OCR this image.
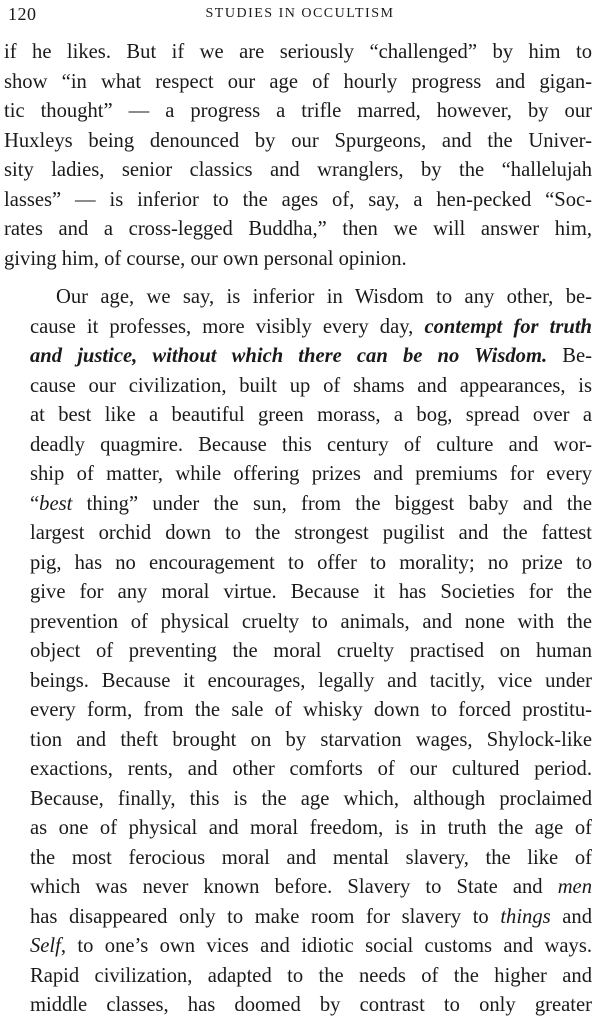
120	STUDIES IN OCCULTISM

if he likes. But if we are seriously “challenged” by him to
show “in what respect our age of hourly progress and gigan-
tic thought” — a progress a trifle marred, however, by our
Huxleys being denounced by our Spurgeons, and the Univer-
sity ladies, senior classics and wranglers, by the “hallelujah
lasses” — is inferior to the ages of, say, a hen-pecked “Soc-
rates and a cross-legged Buddha,” then we will answer him,
giving him, of course, our own personal opinion.

Our age, we say, is inferior in Wisdom to any other, be-
cause it professes, more visibly every day, contempt for truth
and justice, without which there can be no Wisdom. Be-
cause our civilization, built up of shams and appearances, is
at best like a beautiful green morass, a bog, spread over a
deadly quagmire. Because this century of culture and wor-
ship of matter, while offering prizes and premiums for every
“best thing” under the sun, from the biggest baby and the
largest orchid down to the strongest pugilist and the fattest
pig, has no encouragement to offer to morality; no prize to
give for any moral virtue. Because it has Societies for the
prevention of physical cruelty to animals, and none with the
object of preventing the moral cruelty practised on human
beings. Because it encourages, legally and tacitly, vice under
every form, from the sale of whisky down to forced prostitu-
tion and theft brought on by starvation wages, Shylock-like
exactions, rents, and other comforts of our cultured period.
Because, finally, this is the age which, although proclaimed
as one of physical and moral freedom, is in truth the age of
the most ferocious moral and mental slavery, the like of
which was never known before. Slavery to State and men
has disappeared only to make room for slavery to things and
Self, to one’s own vices and idiotic social customs and ways.
Rapid civilization, adapted to the needs of the higher and
middle classes, has doomed by contrast to only greater
